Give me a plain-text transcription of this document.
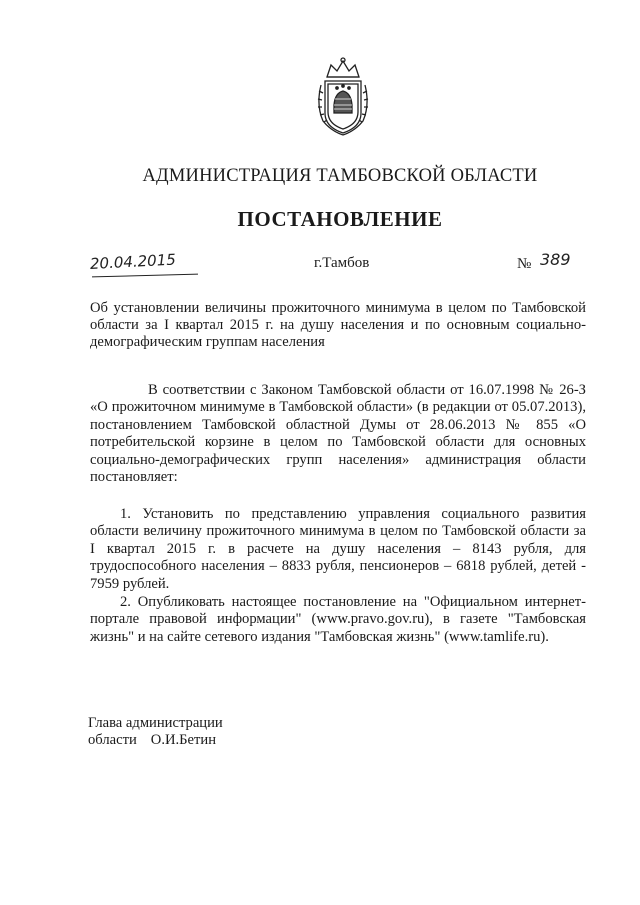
АДМИНИСТРАЦИЯ ТАМБОВСКОЙ ОБЛАСТИ
ПОСТАНОВЛЕНИЕ
20.04.2015	г.Тамбов	№ 389
Об установлении величины прожиточного минимума в целом по Тамбовской области за I квартал 2015 г. на душу населения и по основным социально-демографическим группам населения

В соответствии с Законом Тамбовской области от 16.07.1998 № 26-З «О прожиточном минимуме в Тамбовской области» (в редакции от 05.07.2013), постановлением Тамбовской областной Думы от 28.06.2013 № 855 «О потребительской корзине в целом по Тамбовской области для основных социально-демографических групп населения» администрация области постановляет:

1. Установить по представлению управления социального развития области величину прожиточного минимума в целом по Тамбовской области за I квартал 2015 г. в расчете на душу населения – 8143 рубля, для трудоспособного населения – 8833 рубля, пенсионеров – 6818 рублей, детей - 7959 рублей.

2. Опубликовать настоящее постановление на "Официальном интернет-портале правовой информации" (www.pravo.gov.ru), в газете "Тамбовская жизнь" и на сайте сетевого издания "Тамбовская жизнь" (www.tamlife.ru).

Глава администрации
области О.И.Бетин
